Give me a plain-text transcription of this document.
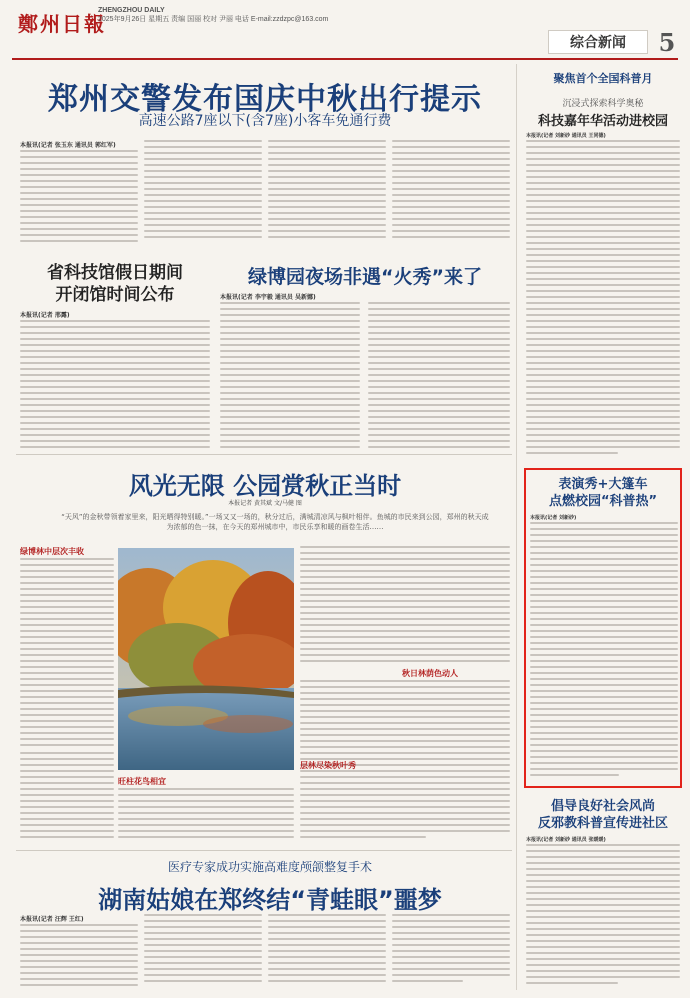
鄭州日報
ZHENGZHOU DAILY
2025年9月26日 星期五 责编 国丽 校对 尹丽 电话 E-mail:zzdzpc@163.com
综合新闻	5
郑州交警发布国庆中秋出行提示
高速公路7座以下(含7座)小客车免通行费
本报讯(记者 张玉东 通讯员 郭红军)
省科技馆假日期间
开闭馆时间公布
本报讯(记者 邢露)
绿博园夜场非遇“火秀”来了
本报讯(记者 李宇毅 通讯员 吴新娜)
风光无限 公园赏秋正当时
本报记者 黄其斌 文/马健 图
“天风”的金秋带领着家里来，阳光晒得特别暖。”一场又又一场的，秋分过后，满城清凉风与枫叶相伴。鱼城的市民来到公园，郑州的秋天成为浓郁的色一抹，在今天的郑州城市中，市民乐享和暖的画卷生活……
绿博林中层次丰收
旺柱花鸟相宜
秋日林荫色动人
层林尽染秋叶秀
医疗专家成功实施高难度颅颌整复手术
湖南姑娘在郑终结“青蛙眼”噩梦
本报讯(记者 汪辉 王红)
聚焦首个全国科普月
沉浸式探索科学奥秘
科技嘉年华活动进校园
本报讯(记者 刘新砂 通讯员 王同德)
表演秀+大篷车
点燃校园“科普热”
本报讯(记者 刘新砂)
倡导良好社会风尚
反邪教科普宣传进社区
本报讯(记者 刘新砂 通讯员 张暖暖)
